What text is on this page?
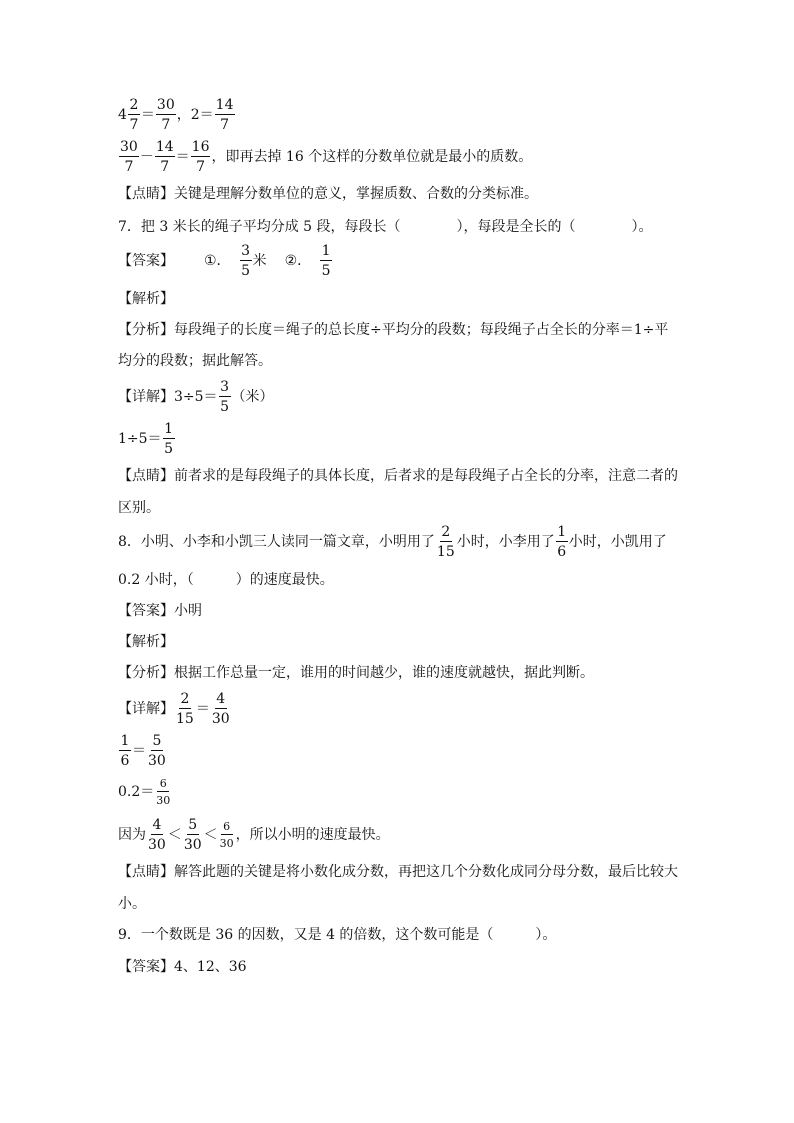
$4 \frac{2}{7} = \frac{30}{7}$ ，$2= \frac{14}{7}$
$\frac{30}{7} - \frac{14}{7} = \frac{16}{7}$ ，即再去掉 16 个这样的分数单位就是最小的质数。
【点睛】关键是理解分数单位的意义，掌握质数、合数的分类标准。
7．把 3 米长的绳子平均分成 5 段，每段长（　　　　），每段是全长的（　　　　）。
【答案】 ①． $\frac{3}{5}$ 米 ②． $\frac{1}{5}$
【解析】
【分析】每段绳子的长度＝绳子的总长度÷平均分的段数；每段绳子占全长的分率＝1÷平
均分的段数；据此解答。
【详解】 $3\div 5= \frac{3}{5}$ （米）
$1\div 5= \frac{1}{5}$
【点睛】前者求的是每段绳子的具体长度，后者求的是每段绳子占全长的分率，注意二者的
区别。
8．小明、小李和小凯三人读同一篇文章，小明用了 $\frac{2}{15}$ 小时，小李用了 $\frac{1}{6}$ 小时，小凯用了
0.2 小时，（　　　）的速度最快。
【答案】小明
【解析】
【分析】根据工作总量一定，谁用的时间越少，谁的速度就越快，据此判断。
【详解】 $\frac{2}{15} = \frac{4}{30}$
$\frac{1}{6} = \frac{5}{30}$
$0.2= \frac{6}{30}$
因为 $\frac{4}{30} < \frac{5}{30} < \frac{6}{30}$ ，所以小明的速度最快。
【点睛】解答此题的关键是将小数化成分数，再把这几个分数化成同分母分数，最后比较大
小。
9．一个数既是 36 的因数，又是 4 的倍数，这个数可能是（　　　）。
【答案】4、12、36
